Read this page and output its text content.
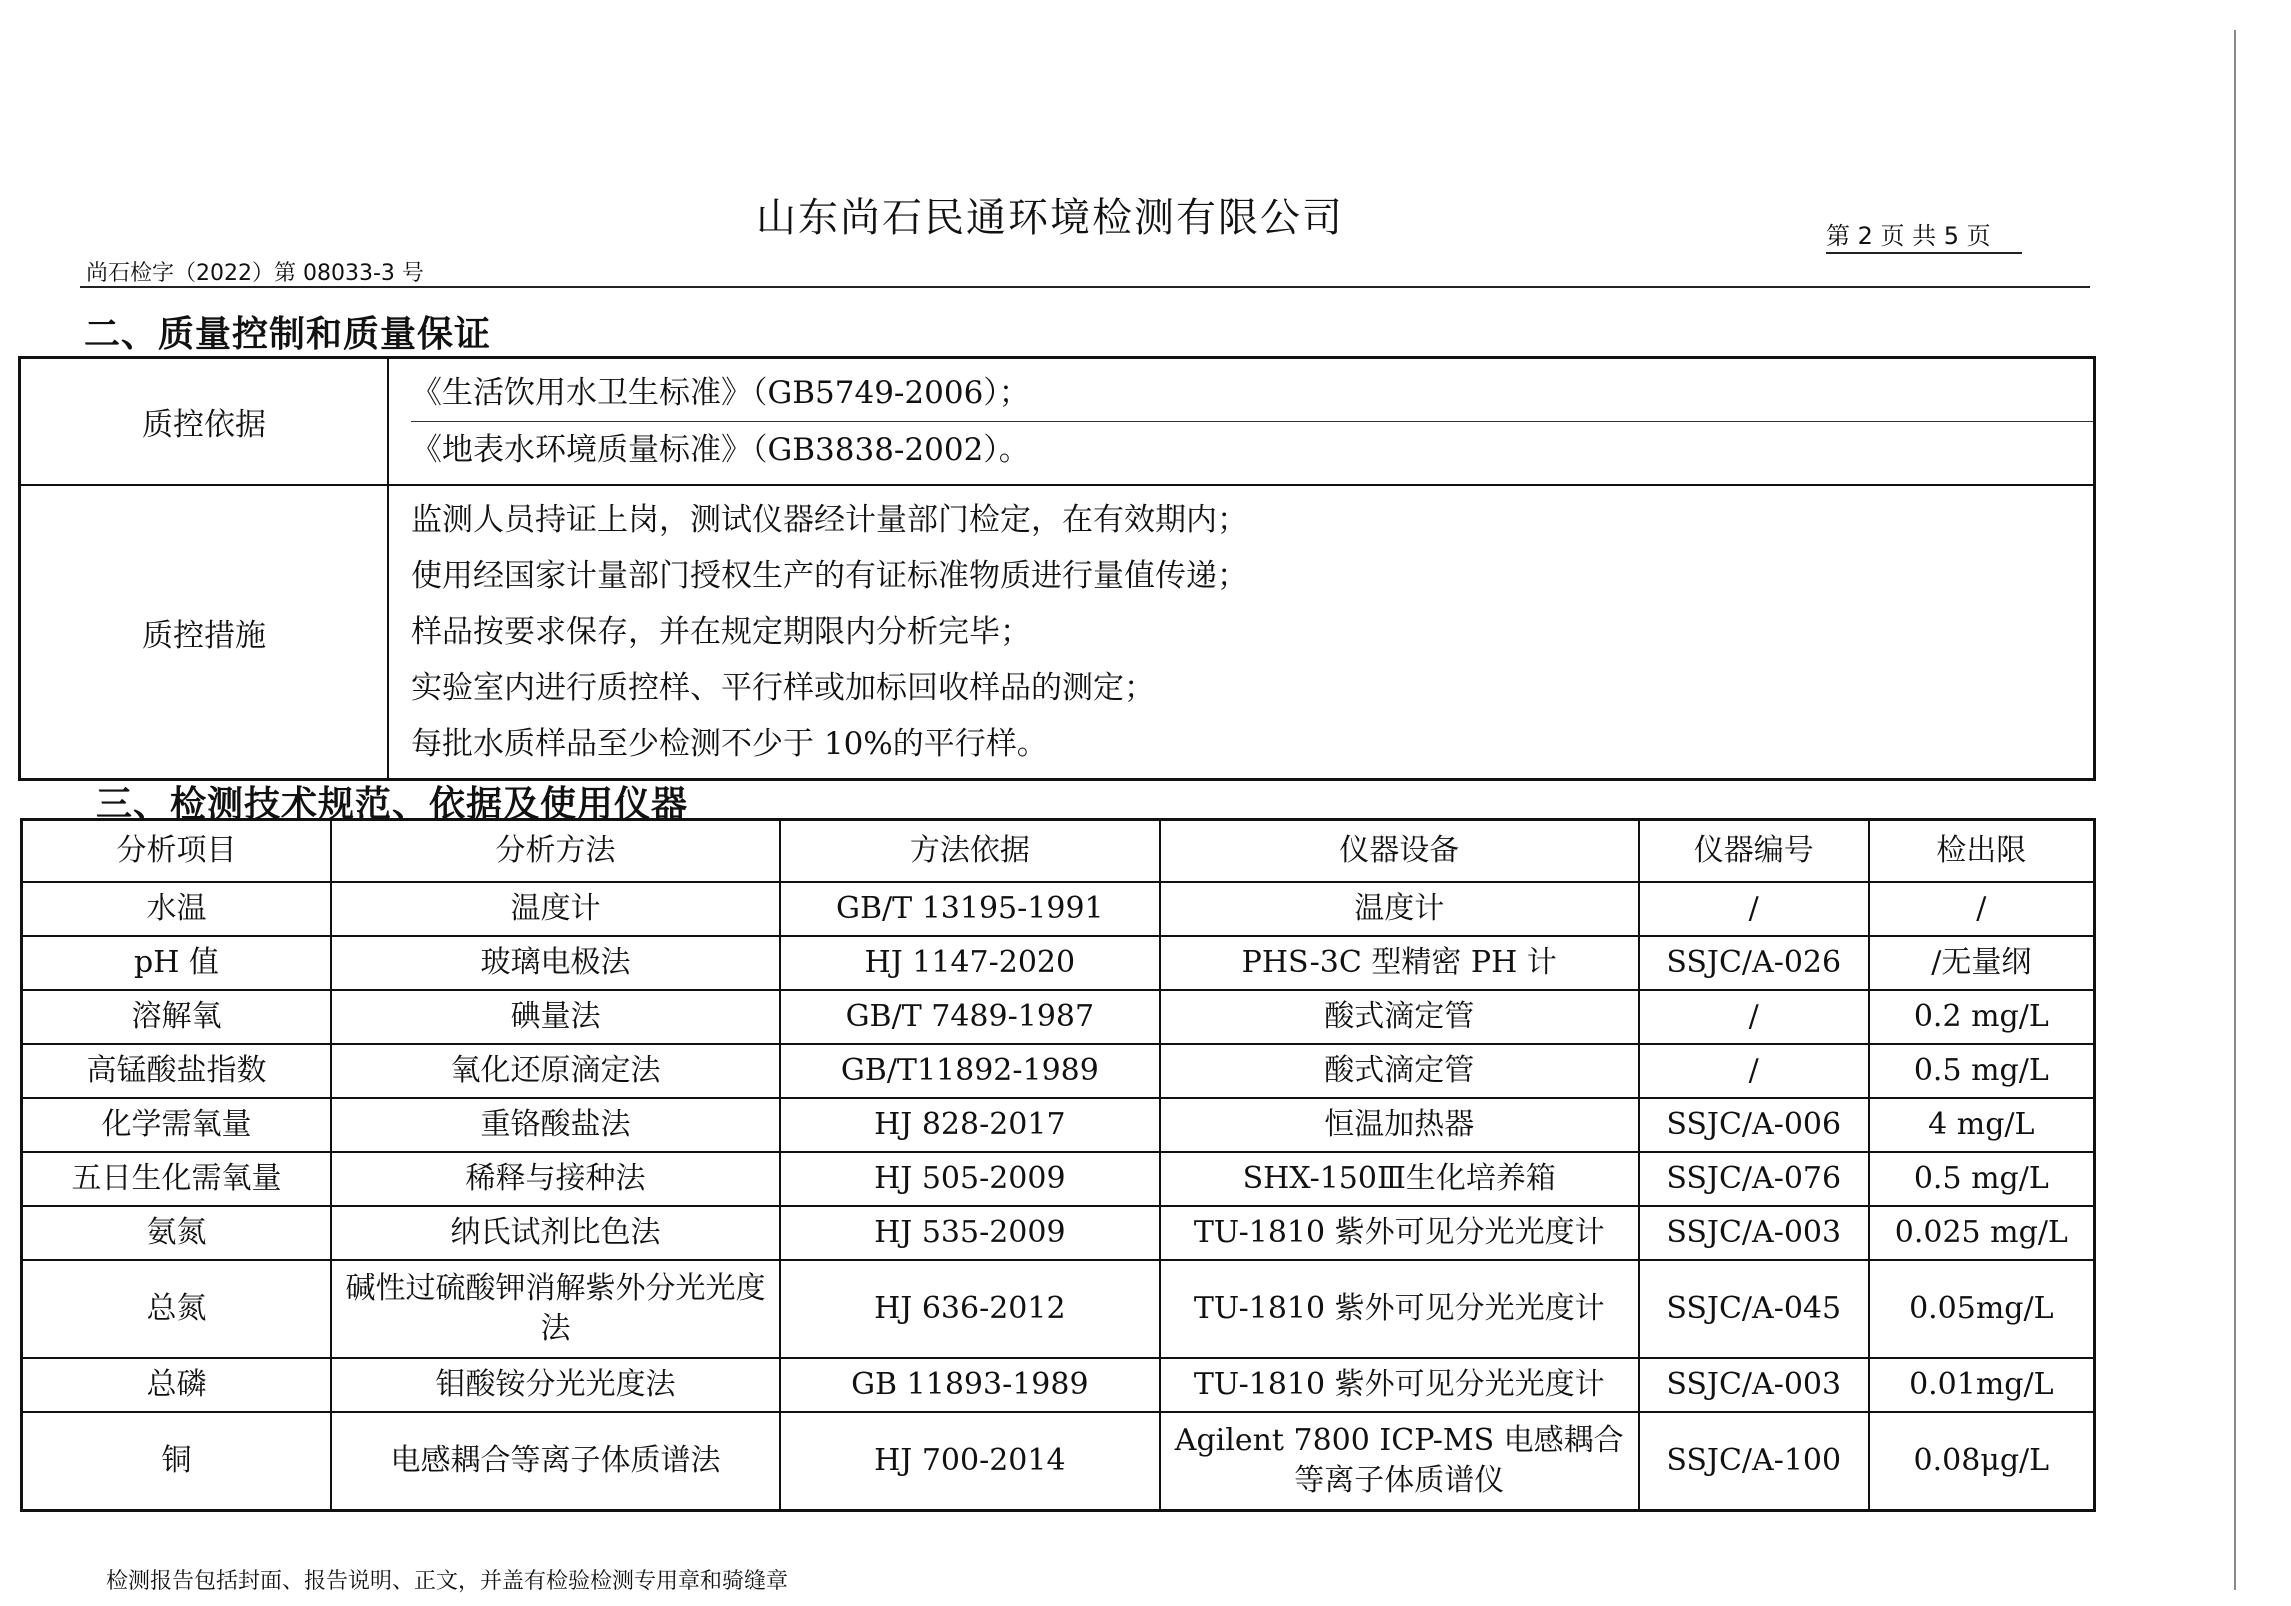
山东尚石民通环境检测有限公司	第 2 页 共 5 页
尚石检字（2022）第 08033-3 号
二、质量控制和质量保证
质控依据	《生活饮用水卫生标准》（GB5749-2006）；
《地表水环境质量标准》（GB3838-2002）。

质控措施	监测人员持证上岗，测试仪器经计量部门检定，在有效期内；
使用经国家计量部门授权生产的有证标准物质进行量值传递；
样品按要求保存，并在规定期限内分析完毕；
实验室内进行质控样、平行样或加标回收样品的测定；
每批水质样品至少检测不少于 10%的平行样。
三、检测技术规范、依据及使用仪器
分析项目	分析方法	方法依据	仪器设备	仪器编号	检出限
水温	温度计	GB/T 13195-1991	温度计	/	/
pH 值	玻璃电极法	HJ 1147-2020	PHS-3C 型精密 PH 计	SSJC/A-026	/无量纲
溶解氧	碘量法	GB/T 7489-1987	酸式滴定管	/	0.2 mg/L
高锰酸盐指数	氧化还原滴定法	GB/T11892-1989	酸式滴定管	/	0.5 mg/L
化学需氧量	重铬酸盐法	HJ 828-2017	恒温加热器	SSJC/A-006	4 mg/L
五日生化需氧量	稀释与接种法	HJ 505-2009	SHX-150Ⅲ生化培养箱	SSJC/A-076	0.5 mg/L
氨氮	纳氏试剂比色法	HJ 535-2009	TU-1810 紫外可见分光光度计	SSJC/A-003	0.025 mg/L
总氮	碱性过硫酸钾消解紫外分光光度法	HJ 636-2012	TU-1810 紫外可见分光光度计	SSJC/A-045	0.05mg/L
总磷	钼酸铵分光光度法	GB 11893-1989	TU-1810 紫外可见分光光度计	SSJC/A-003	0.01mg/L
铜	电感耦合等离子体质谱法	HJ 700-2014	Agilent 7800 ICP-MS 电感耦合等离子体质谱仪	SSJC/A-100	0.08μg/L
检测报告包括封面、报告说明、正文，并盖有检验检测专用章和骑缝章
